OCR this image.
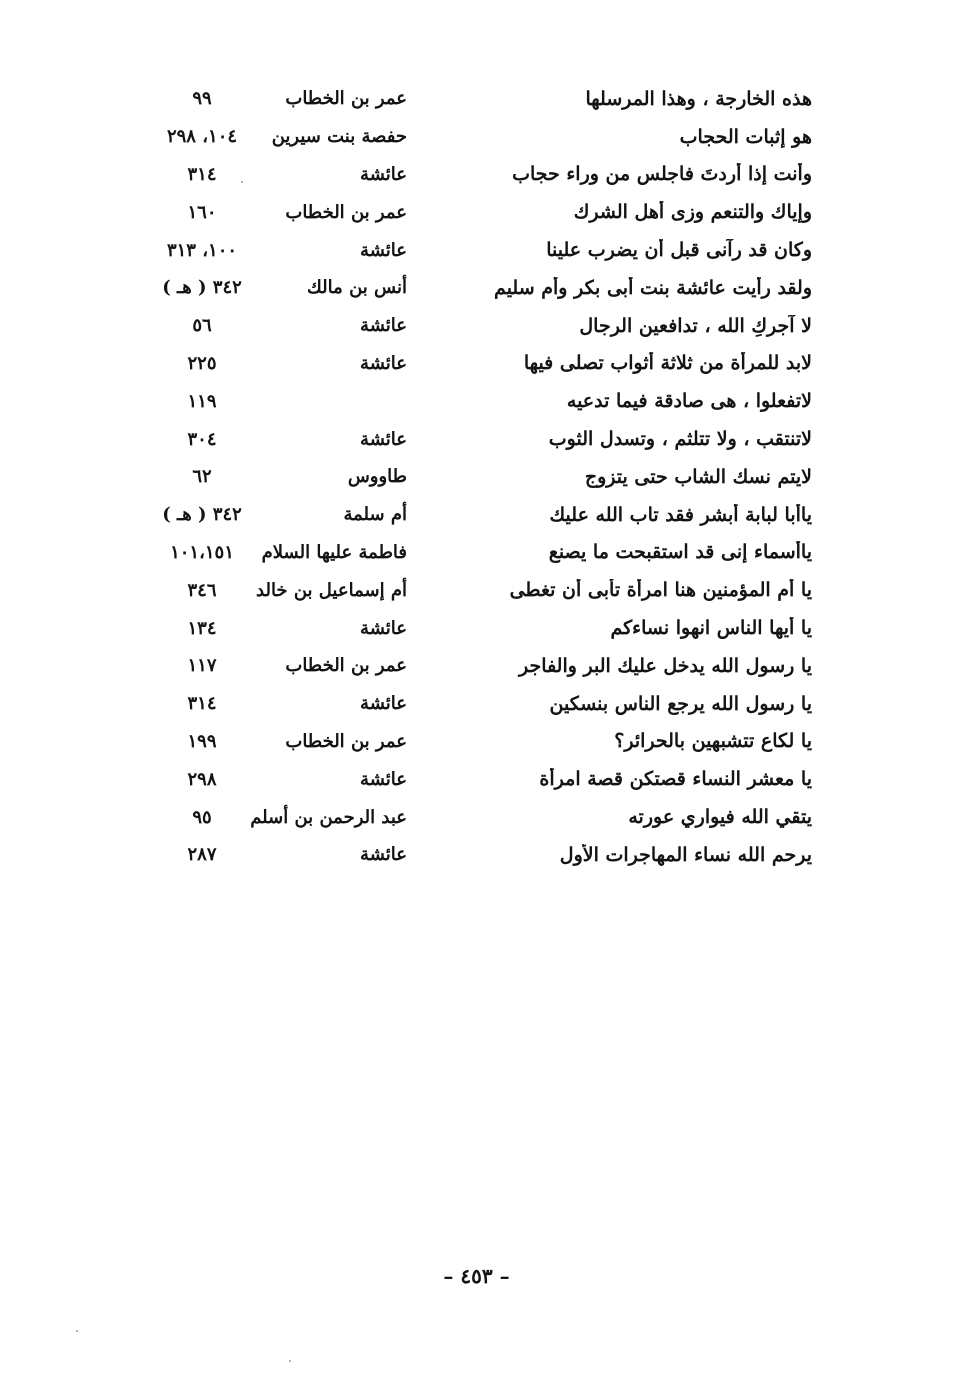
هذه الخارجة ، وهذا المرسلها
عمر بن الخطاب
٩٩
هو إثبات الحجاب
حفصة بنت سيرين
١٠٤، ٢٩٨
وأنت إذا أردتَ فاجلس من وراء حجاب
عائشة
٣١٤
وإياك والتنعم وزى أهل الشرك
عمر بن الخطاب
١٦٠
وكان قد رآنى قبل أن يضرب علينا
عائشة
١٠٠، ٣١٣
ولقد رأيت عائشة بنت أبى بكر وأم سليم
أنس بن مالك
٣٤٢ ( هـ )
لا آجركِ الله ، تدافعين الرجال
عائشة
٥٦
لابد للمرأة من ثلاثة أثواب تصلى فيها
عائشة
٢٢٥
لاتفعلوا ، هى صادقة فيما تدعيه
١١٩
لاتنتقب ، ولا تتلثم ، وتسدل الثوب
عائشة
٣٠٤
لايتم نسك الشاب حتى يتزوج
طاووس
٦٢
ياأبا لبابة أبشر فقد تاب الله عليك
أم سلمة
٣٤٢ ( هـ )
ياأسماء إنى قد استقبحت ما يصنع
فاطمة عليها السلام
١٠١،١٥١
يا أم المؤمنين هنا امرأة تأبى أن تغطى
أم إسماعيل بن خالد
٣٤٦
يا أيها الناس انهوا نساءكم
عائشة
١٣٤
يا رسول الله يدخل عليك البر والفاجر
عمر بن الخطاب
١١٧
يا رسول الله يرجع الناس بنسكين
عائشة
٣١٤
يا لكاع تتشبهين بالحرائر؟
عمر بن الخطاب
١٩٩
يا معشر النساء قصتكن قصة امرأة
عائشة
٢٩٨
يتقي الله فيواري عورته
عبد الرحمن بن أسلم
٩٥
يرحم الله نساء المهاجرات الأول
عائشة
٢٨٧
– ٤٥٣ –
